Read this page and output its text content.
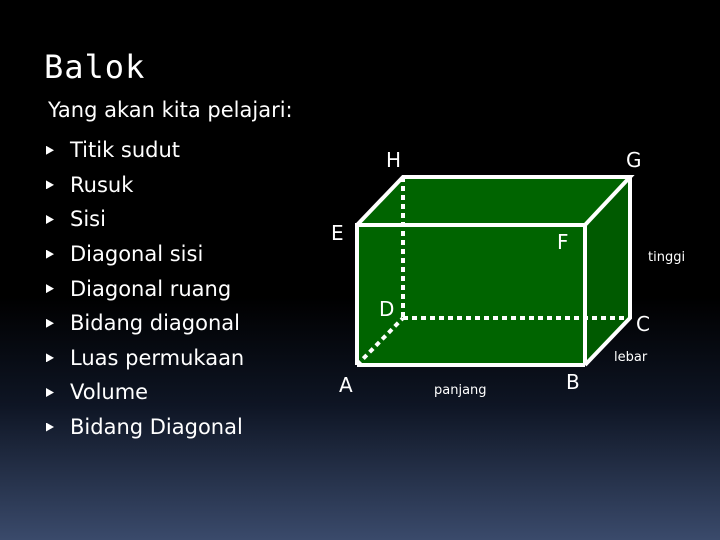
Balok
Yang akan kita pelajari:
Titik sudut
Rusuk
Sisi
Diagonal sisi
Diagonal ruang
Bidang diagonal
Luas permukaan
Volume
Bidang Diagonal
H	G
E	F
D
C
A	B
panjang
lebar
tinggi
